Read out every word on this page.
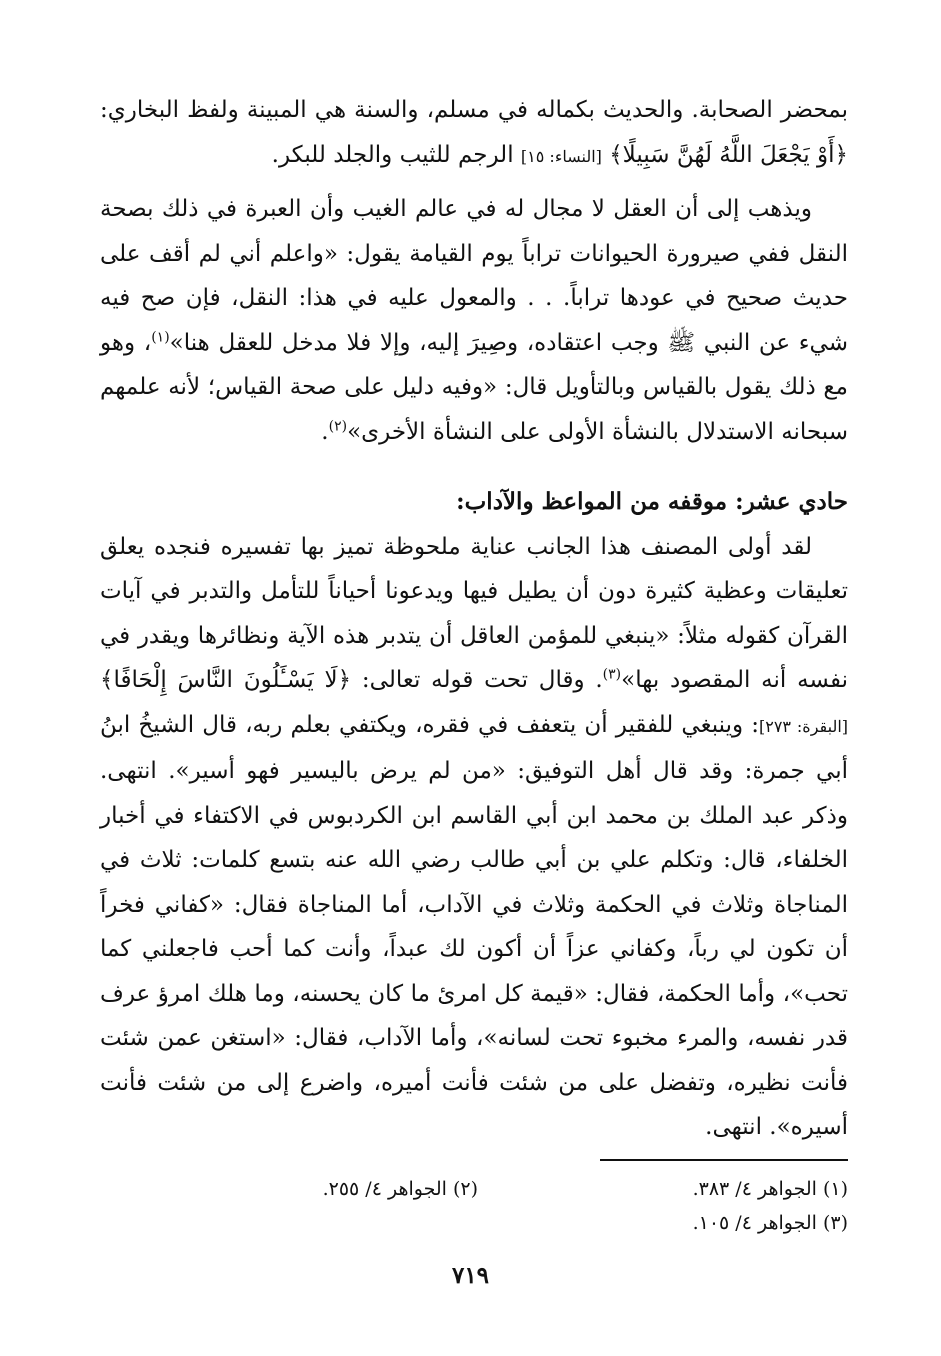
بمحضر الصحابة. والحديث بكماله في مسلم، والسنة هي المبينة ولفظ البخاري: ﴿أَوْ يَجْعَلَ اللَّهُ لَهُنَّ سَبِيلًا﴾ [النساء: ١٥] الرجم للثيب والجلد للبكر.

ويذهب إلى أن العقل لا مجال له في عالم الغيب وأن العبرة في ذلك بصحة النقل ففي صيرورة الحيوانات تراباً يوم القيامة يقول: «واعلم أني لم أقف على حديث صحيح في عودها تراباً. . . والمعول عليه في هذا: النقل، فإن صح فيه شيء عن النبي ﷺ وجب اعتقاده، وصِيرَ إليه، وإلا فلا مدخل للعقل هنا»$^{(١)}$، وهو مع ذلك يقول بالقياس وبالتأويل قال: «وفيه دليل على صحة القياس؛ لأنه علمهم سبحانه الاستدلال بالنشأة الأولى على النشأة الأخرى»$^{(٢)}$.

حادي عشر: موقفه من المواعظ والآداب:

لقد أولى المصنف هذا الجانب عناية ملحوظة تميز بها تفسيره فنجده يعلق تعليقات وعظية كثيرة دون أن يطيل فيها ويدعونا أحياناً للتأمل والتدبر في آيات القرآن كقوله مثلاً: «ينبغي للمؤمن العاقل أن يتدبر هذه الآية ونظائرها ويقدر في نفسه أنه المقصود بها»$^{(٣)}$. وقال تحت قوله تعالى: ﴿لَا يَسْـَٔلُونَ النَّاسَ إِلْحَافًا﴾ [البقرة: ٢٧٣]: وينبغي للفقير أن يتعفف في فقره، ويكتفي بعلم ربه، قال الشيخُ ابنُ أبي جمرة: وقد قال أهل التوفيق: «من لم يرض باليسير فهو أسير». انتهى. وذكر عبد الملك بن محمد ابن أبي القاسم ابن الكردبوس في الاكتفاء في أخبار الخلفاء، قال: وتكلم علي بن أبي طالب رضي الله عنه بتسع كلمات: ثلاث في المناجاة وثلاث في الحكمة وثلاث في الآداب، أما المناجاة فقال: «كفاني فخراً أن تكون لي رباً، وكفاني عزاً أن أكون لك عبداً، وأنت كما أحب فاجعلني كما تحب»، وأما الحكمة، فقال: «قيمة كل امرئ ما كان يحسنه، وما هلك امرؤ عرف قدر نفسه، والمرء مخبوء تحت لسانه»، وأما الآداب، فقال: «استغن عمن شئت فأنت نظيره، وتفضل على من شئت فأنت أميره، واضرع إلى من شئت فأنت أسيره». انتهى.

(١) الجواهر ٤/ ٣٨٣.
(٢) الجواهر ٤/ ٢٥٥.
(٣) الجواهر ٤/ ١٠٥.
٧١٩
